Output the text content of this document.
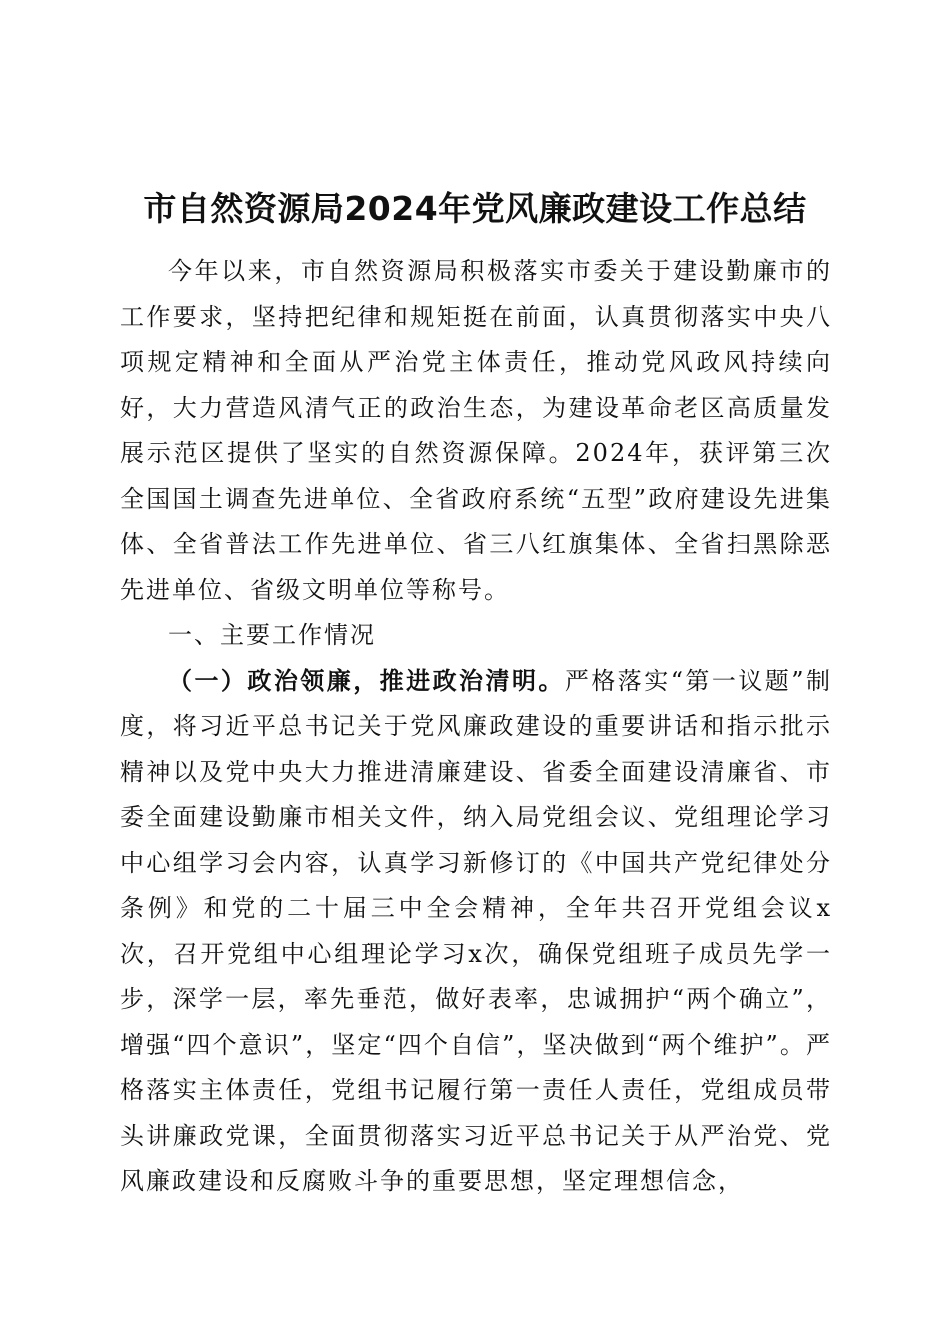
市自然资源局2024年党风廉政建设工作总结

今年以来，市自然资源局积极落实市委关于建设勤廉市的工作要求，坚持把纪律和规矩挺在前面，认真贯彻落实中央八项规定精神和全面从严治党主体责任，推动党风政风持续向好，大力营造风清气正的政治生态，为建设革命老区高质量发展示范区提供了坚实的自然资源保障。2024年，获评第三次全国国土调查先进单位、全省政府系统“五型”政府建设先进集体、全省普法工作先进单位、省三八红旗集体、全省扫黑除恶先进单位、省级文明单位等称号。

一、主要工作情况

（一）政治领廉，推进政治清明。严格落实“第一议题”制度，将习近平总书记关于党风廉政建设的重要讲话和指示批示精神以及党中央大力推进清廉建设、省委全面建设清廉省、市委全面建设勤廉市相关文件，纳入局党组会议、党组理论学习中心组学习会内容，认真学习新修订的《中国共产党纪律处分条例》和党的二十届三中全会精神，全年共召开党组会议x次，召开党组中心组理论学习x次，确保党组班子成员先学一步，深学一层，率先垂范，做好表率，忠诚拥护“两个确立”，增强“四个意识”，坚定“四个自信”，坚决做到“两个维护”。严格落实主体责任，党组书记履行第一责任人责任，党组成员带头讲廉政党课，全面贯彻落实习近平总书记关于从严治党、党风廉政建设和反腐败斗争的重要思想，坚定理想信念，
